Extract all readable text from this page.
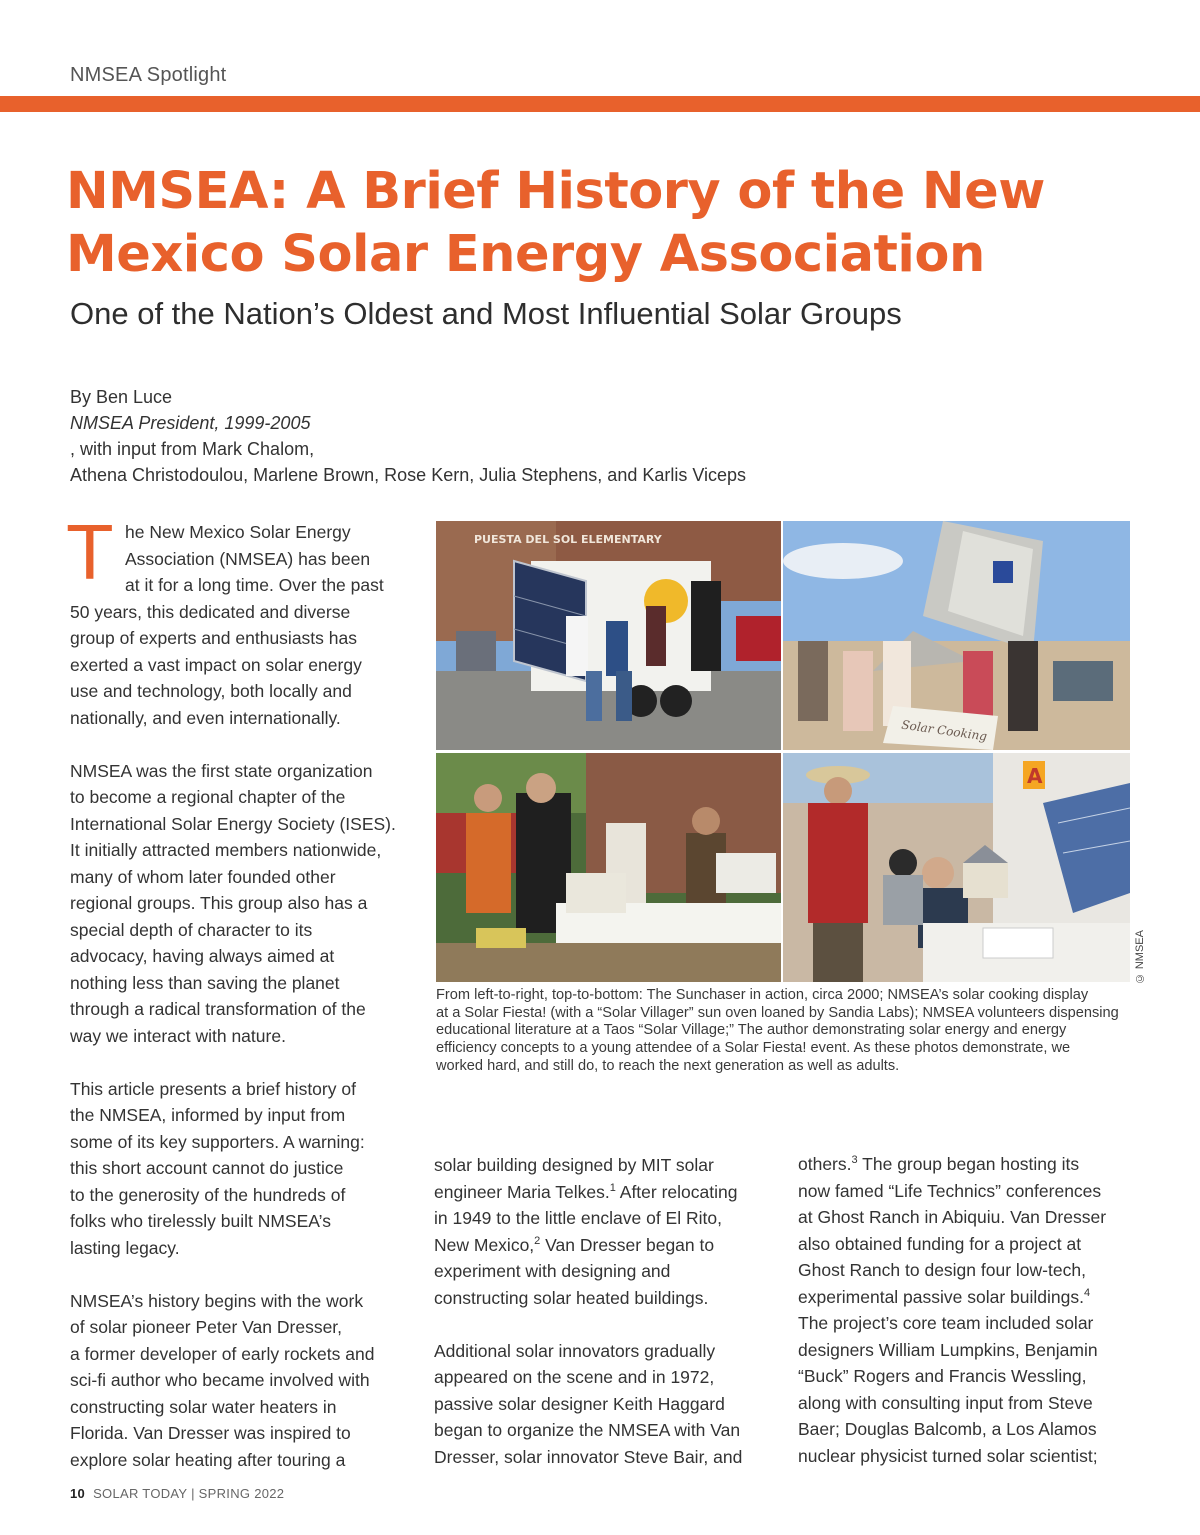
NMSEA Spotlight
NMSEA: A Brief History of the New
Mexico Solar Energy Association
One of the Nation’s Oldest and Most Influential Solar Groups
By Ben Luce
NMSEA President, 1999-2005
, with input from Mark Chalom,
Athena Christodoulou, Marlene Brown, Rose Kern, Julia Stephens, and Karlis Viceps

T he New Mexico Solar Energy
Association (NMSEA) has been
at it for a long time. Over the past
50 years, this dedicated and diverse
group of experts and enthusiasts has
exerted a vast impact on solar energy
use and technology, both locally and
nationally, and even internationally.

NMSEA was the first state organization
to become a regional chapter of the
International Solar Energy Society (ISES).
It initially attracted members nationwide,
many of whom later founded other
regional groups. This group also has a
special depth of character to its
advocacy, having always aimed at
nothing less than saving the planet
through a radical transformation of the
way we interact with nature.

This article presents a brief history of
the NMSEA, informed by input from
some of its key supporters. A warning:
this short account cannot do justice
to the generosity of the hundreds of
folks who tirelessly built NMSEA’s
lasting legacy.

NMSEA’s history begins with the work
of solar pioneer Peter Van Dresser,
a former developer of early rockets and
sci-fi author who became involved with
constructing solar water heaters in
Florida. Van Dresser was inspired to
explore solar heating after touring a

PUESTA DEL SOL ELEMENTARY
Solar Cooking
A
© NMSEA
From left-to-right, top-to-bottom: The Sunchaser in action, circa 2000; NMSEA’s solar cooking display
at a Solar Fiesta! (with a “Solar Villager” sun oven loaned by Sandia Labs); NMSEA volunteers dispensing
educational literature at a Taos “Solar Village;” The author demonstrating solar energy and energy
efficiency concepts to a young attendee of a Solar Fiesta! event. As these photos demonstrate, we
worked hard, and still do, to reach the next generation as well as adults.

solar building designed by MIT solar
engineer Maria Telkes.$^1$ After relocating
in 1949 to the little enclave of El Rito,
New Mexico,$^2$ Van Dresser began to
experiment with designing and
constructing solar heated buildings.

Additional solar innovators gradually
appeared on the scene and in 1972,
passive solar designer Keith Haggard
began to organize the NMSEA with Van
Dresser, solar innovator Steve Bair, and

others.$^3$ The group began hosting its
now famed “Life Technics” conferences
at Ghost Ranch in Abiquiu. Van Dresser
also obtained funding for a project at
Ghost Ranch to design four low-tech,
experimental passive solar buildings.$^4$
The project’s core team included solar
designers William Lumpkins, Benjamin
“Buck” Rogers and Francis Wessling,
along with consulting input from Steve
Baer; Douglas Balcomb, a Los Alamos
nuclear physicist turned solar scientist;

10 SOLAR TODAY | SPRING 2022
